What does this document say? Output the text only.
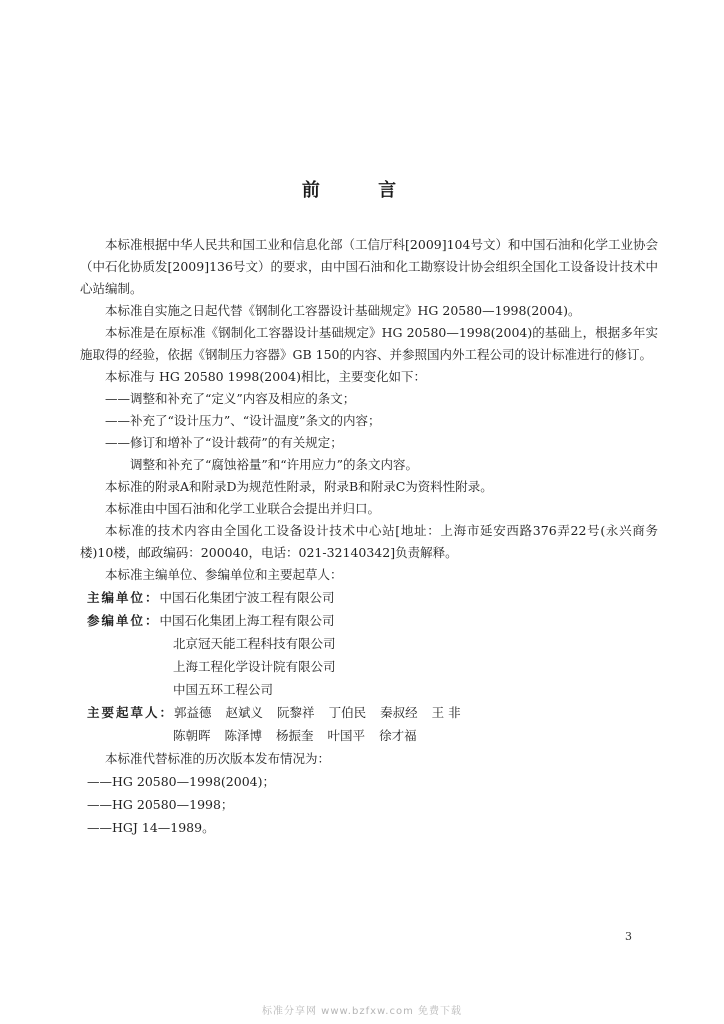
前 言

本标准根据中华人民共和国工业和信息化部（工信厅科[2009]104号文）和中国石油和化学工业协会（中石化协质发[2009]136号文）的要求，由中国石油和化工勘察设计协会组织全国化工设备设计技术中心站编制。

本标准自实施之日起代替《钢制化工容器设计基础规定》HG 20580—1998(2004)。

本标准是在原标准《钢制化工容器设计基础规定》HG 20580—1998(2004)的基础上，根据多年实施取得的经验，依据《钢制压力容器》GB 150的内容、并参照国内外工程公司的设计标准进行的修订。

本标准与 HG 20580 1998(2004)相比，主要变化如下：

——调整和补充了“定义”内容及相应的条文；

——补充了“设计压力”、“设计温度”条文的内容；

——修订和增补了“设计载荷”的有关规定；

调整和补充了“腐蚀裕量”和“许用应力”的条文内容。

本标准的附录A和附录D为规范性附录，附录B和附录C为资料性附录。

本标准由中国石油和化学工业联合会提出并归口。

本标准的技术内容由全国化工设备设计技术中心站[地址：上海市延安西路376弄22号(永兴商务楼)10楼，邮政编码：200040，电话：021-32140342]负责解释。

本标准主编单位、参编单位和主要起草人：

主编单位：中国石化集团宁波工程有限公司

参编单位：中国石化集团上海工程有限公司

北京冠天能工程科技有限公司

上海工程化学设计院有限公司

中国五环工程公司

主要起草人：郭益德 赵斌义 阮黎祥 丁伯民 秦叔经 王 非

陈朝晖 陈泽博 杨振奎 叶国平 徐才福

本标准代替标准的历次版本发布情况为：

——HG 20580—1998(2004)；

——HG 20580—1998；

——HGJ 14—1989。

3
标准分享网 www.bzfxw.com 免费下载
